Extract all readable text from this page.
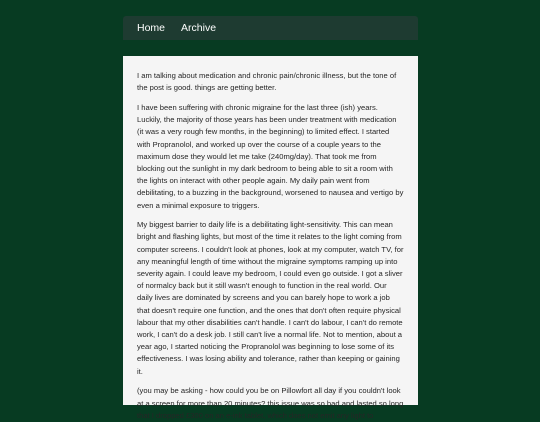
Home Archive

I am talking about medication and chronic pain/chronic illness, but the tone of the post is good. things are getting better.

I have been suffering with chronic migraine for the last three (ish) years. Luckily, the majority of those years has been under treatment with medication (it was a very rough few months, in the beginning) to limited effect. I started with Propranolol, and worked up over the course of a couple years to the maximum dose they would let me take (240mg/day). That took me from blocking out the sunlight in my dark bedroom to being able to sit a room with the lights on interact with other people again. My daily pain went from debilitating, to a buzzing in the background, worsened to nausea and vertigo by even a minimal exposure to triggers.

My biggest barrier to daily life is a debilitating light-sensitivity. This can mean bright and flashing lights, but most of the time it relates to the light coming from computer screens. I couldn't look at phones, look at my computer, watch TV, for any meaningful length of time without the migraine symptoms ramping up into severity again. I could leave my bedroom, I could even go outside. I got a sliver of normalcy back but it still wasn't enough to function in the real world. Our daily lives are dominated by screens and you can barely hope to work a job that doesn't require one function, and the ones that don't often require physical labour that my other disabilities can't handle. I can't do labour, I can't do remote work, I can't do a desk job. I still can't live a normal life. Not to mention, about a year ago, I started noticing the Propranolol was beginning to lose some of its effectiveness. I was losing ability and tolerance, rather than keeping or gaining it.

(you may be asking - how could you be on Pillowfort all day if you couldn't look at a screen for more than 20 minutes? this issue was so bad and lasted so long that I dropped £300 on an e-ink tablet, which does not emit any light to
